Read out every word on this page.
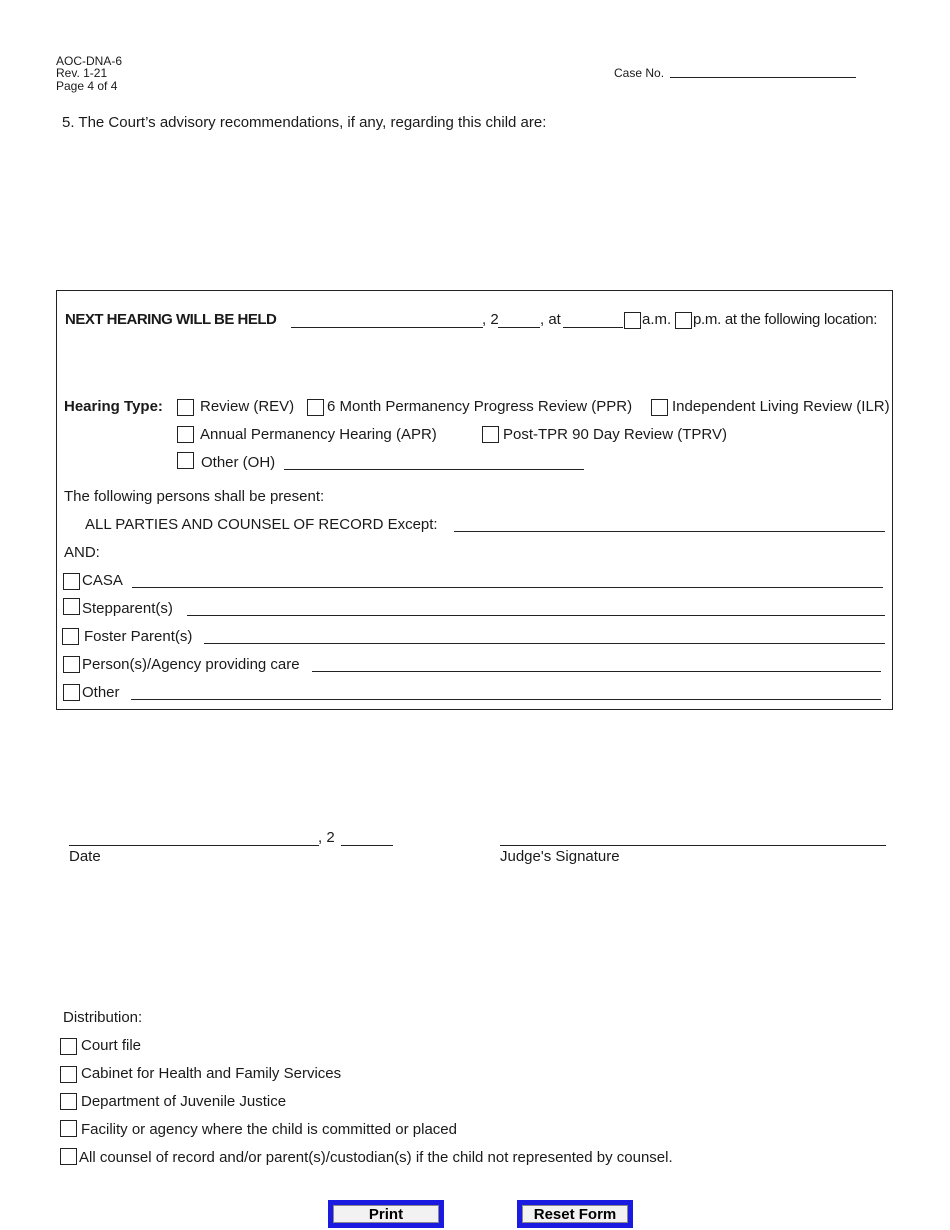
AOC-DNA-6
Rev. 1-21
Page 4 of 4
Case No.
5. The Court’s advisory recommendations, if any, regarding this child are:
NEXT HEARING WILL BE HELD	, 2	, at	a.m. p.m. at the following location:
Hearing Type: Review (REV) 6 Month Permanency Progress Review (PPR)	Independent Living Review (ILR)
Annual Permanency Hearing (APR)	Post-TPR 90 Day Review (TPRV)
Other (OH)
The following persons shall be present:
ALL PARTIES AND COUNSEL OF RECORD Except:
AND:
CASA
Stepparent(s)
Foster Parent(s)
Person(s)/Agency providing care
Other
, 2
Date	Judge's Signature
Distribution:
Court file
Cabinet for Health and Family Services
Department of Juvenile Justice
Facility or agency where the child is committed or placed
All counsel of record and/or parent(s)/custodian(s) if the child not represented by counsel.
Print	Reset Form
